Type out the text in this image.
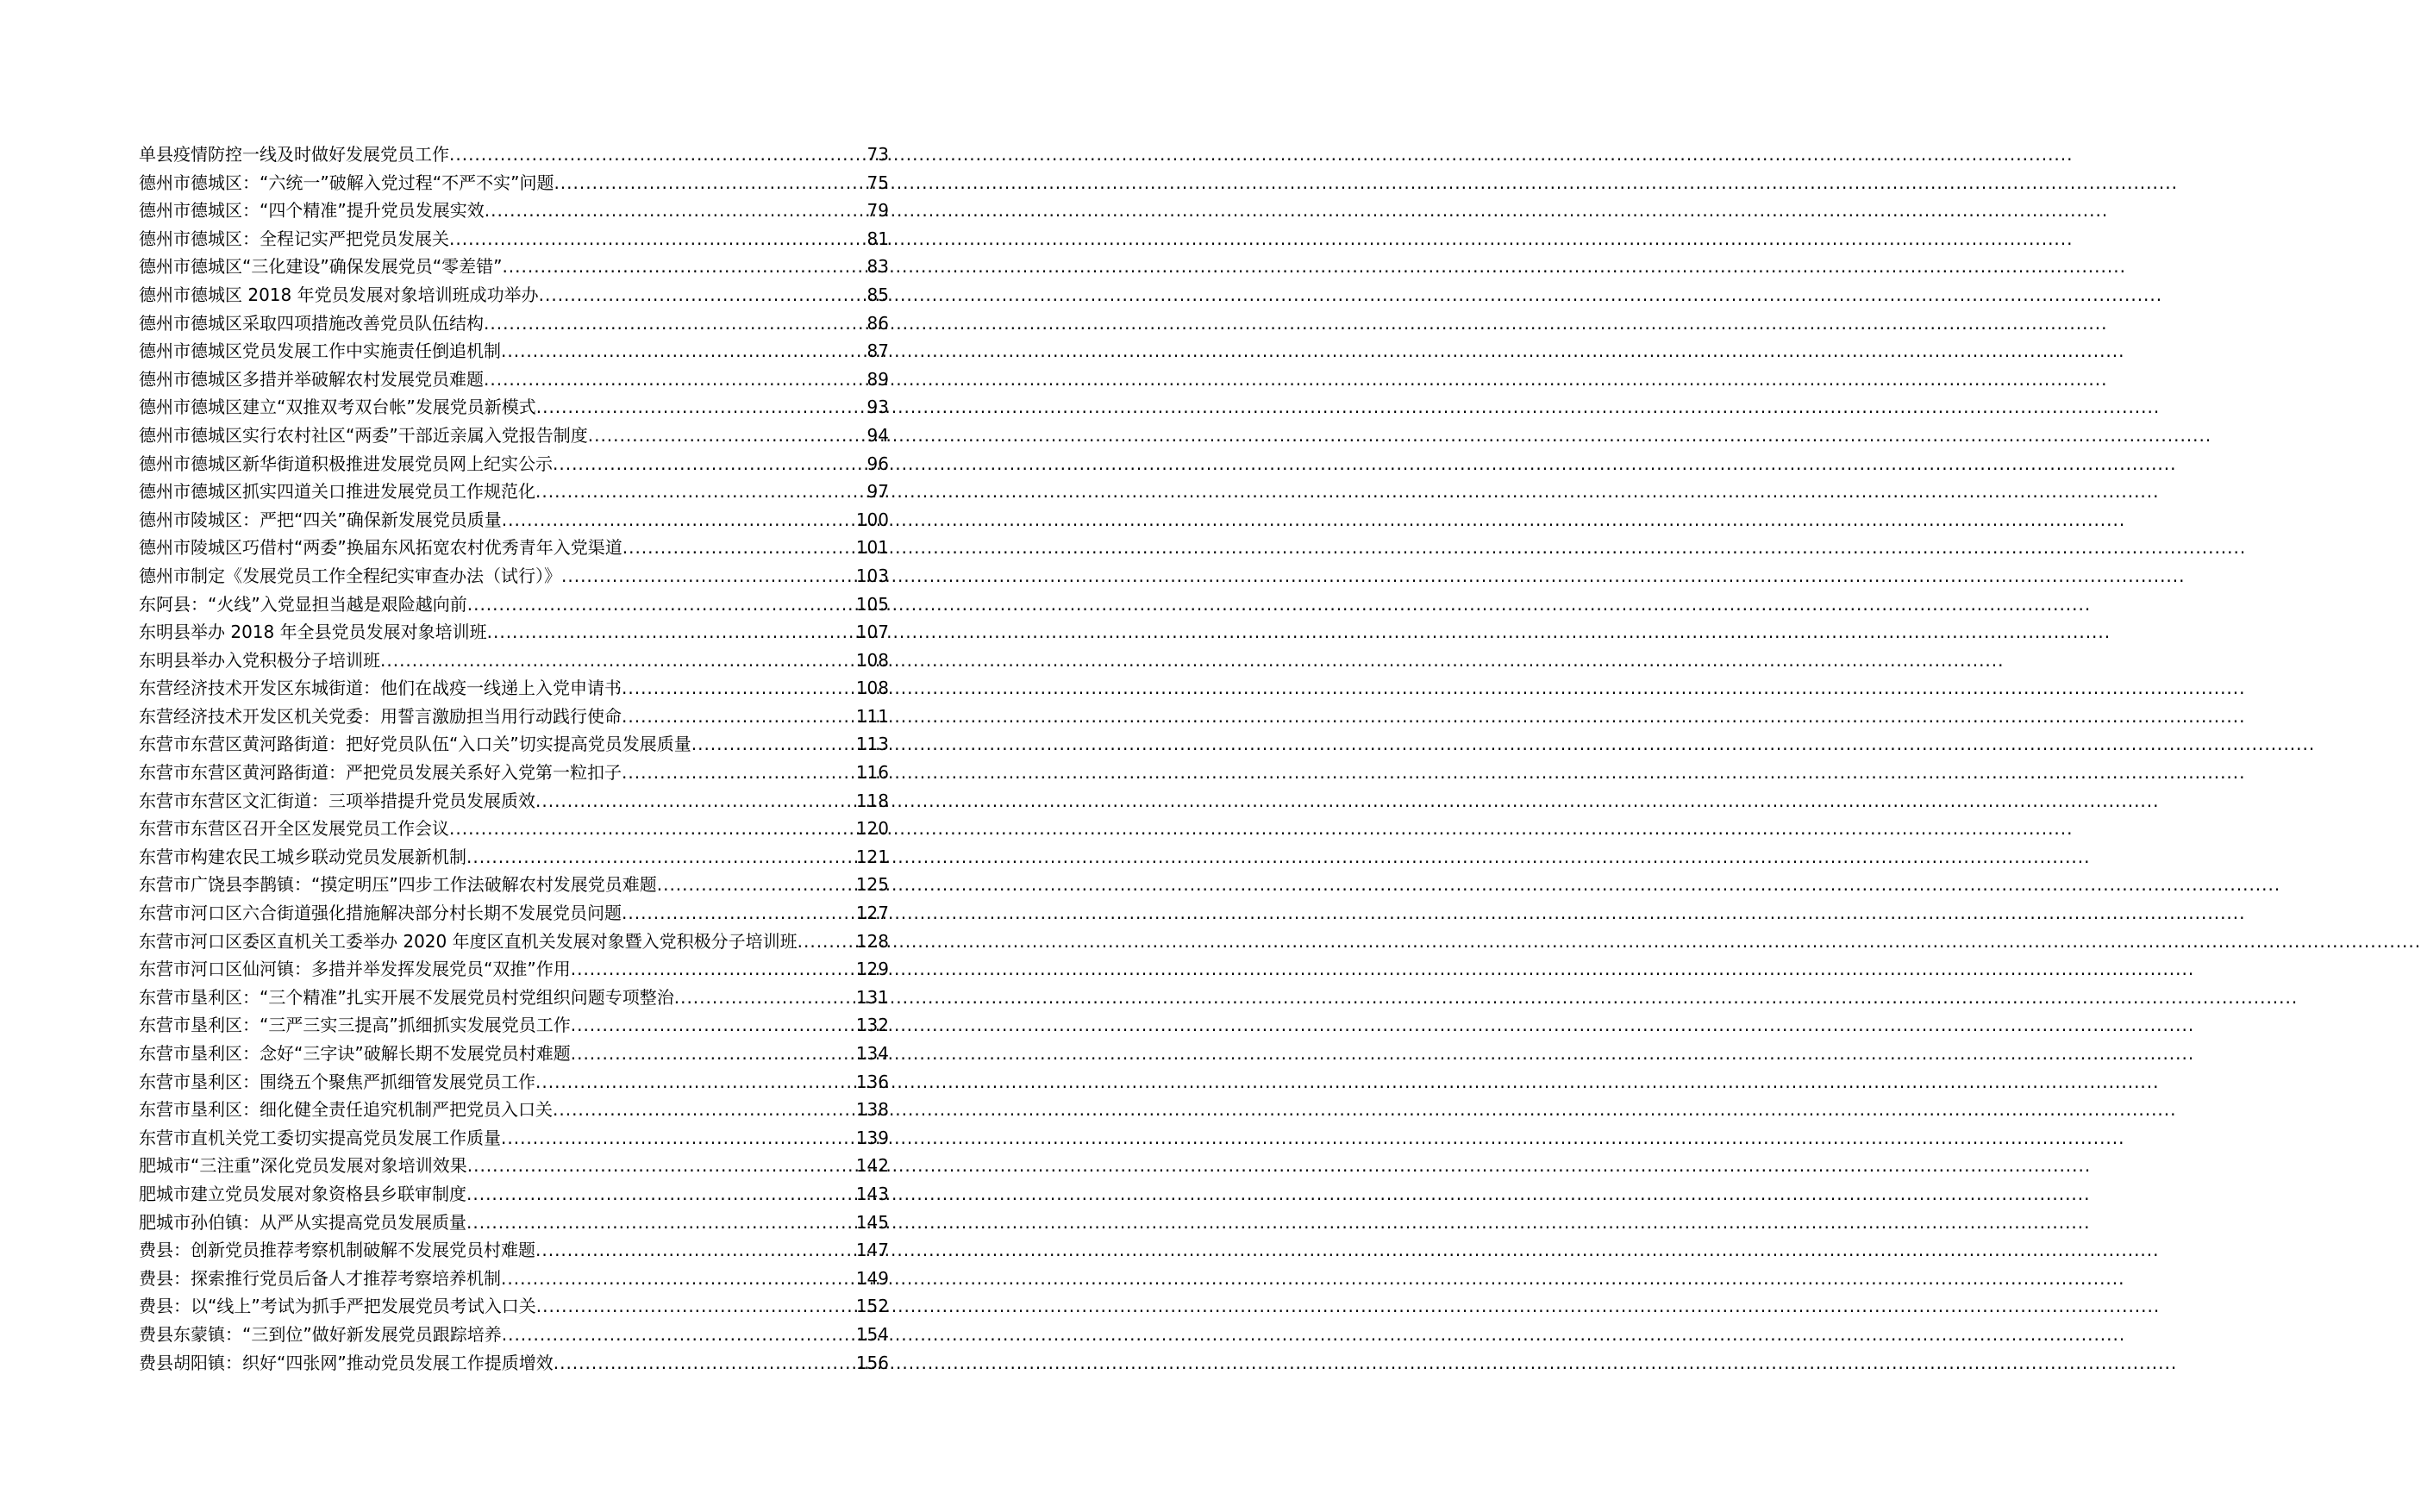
单县疫情防控一线及时做好发展党员工作 .....	73
德州市德城区：“六统一”破解入党过程“不严不实”问题 .....	75
德州市德城区：“四个精准”提升党员发展实效 .....	79
德州市德城区：全程记实严把党员发展关 .....	81
德州市德城区“三化建设”确保发展党员“零差错” .....	83
德州市德城区 2018 年党员发展对象培训班成功举办 .....	85
德州市德城区采取四项措施改善党员队伍结构 .....	86
德州市德城区党员发展工作中实施责任倒追机制 .....	87
德州市德城区多措并举破解农村发展党员难题 .....	89
德州市德城区建立“双推双考双台帐”发展党员新模式 .....	93
德州市德城区实行农村社区“两委”干部近亲属入党报告制度 .....	94
德州市德城区新华街道积极推进发展党员网上纪实公示 .....	96
德州市德城区抓实四道关口推进发展党员工作规范化 .....	97
德州市陵城区：严把“四关”确保新发展党员质量 .....	100
德州市陵城区巧借村“两委”换届东风拓宽农村优秀青年入党渠道 .....	101
德州市制定《发展党员工作全程纪实审查办法（试行）》 .....	103
东阿县：“火线”入党显担当越是艰险越向前 .....	105
东明县举办 2018 年全县党员发展对象培训班 .....	107
东明县举办入党积极分子培训班 .....	108
东营经济技术开发区东城街道：他们在战疫一线递上入党申请书 .....	108
东营经济技术开发区机关党委：用誓言激励担当用行动践行使命 .....	111
东营市东营区黄河路街道：把好党员队伍“入口关”切实提高党员发展质量 .....	113
东营市东营区黄河路街道：严把党员发展关系好入党第一粒扣子 .....	116
东营市东营区文汇街道：三项举措提升党员发展质效 .....	118
东营市东营区召开全区发展党员工作会议 .....	120
东营市构建农民工城乡联动党员发展新机制 .....	121
东营市广饶县李鹊镇：“摸定明压”四步工作法破解农村发展党员难题 .....	125
东营市河口区六合街道强化措施解决部分村长期不发展党员问题 .....	127
东营市河口区委区直机关工委举办 2020 年度区直机关发展对象暨入党积极分子培训班 .....	128
东营市河口区仙河镇：多措并举发挥发展党员“双推”作用 .....	129
东营市垦利区：“三个精准”扎实开展不发展党员村党组织问题专项整治 .....	131
东营市垦利区：“三严三实三提高”抓细抓实发展党员工作 .....	132
东营市垦利区：念好“三字诀”破解长期不发展党员村难题 .....	134
东营市垦利区：围绕五个聚焦严抓细管发展党员工作 .....	136
东营市垦利区：细化健全责任追究机制严把党员入口关 .....	138
东营市直机关党工委切实提高党员发展工作质量 .....	139
肥城市“三注重”深化党员发展对象培训效果 .....	142
肥城市建立党员发展对象资格县乡联审制度 .....	143
肥城市孙伯镇：从严从实提高党员发展质量 .....	145
费县：创新党员推荐考察机制破解不发展党员村难题 .....	147
费县：探索推行党员后备人才推荐考察培养机制 .....	149
费县：以“线上”考试为抓手严把发展党员考试入口关 .....	152
费县东蒙镇：“三到位”做好新发展党员跟踪培养 .....	154
费县胡阳镇：织好“四张网”推动党员发展工作提质增效 .....	156
